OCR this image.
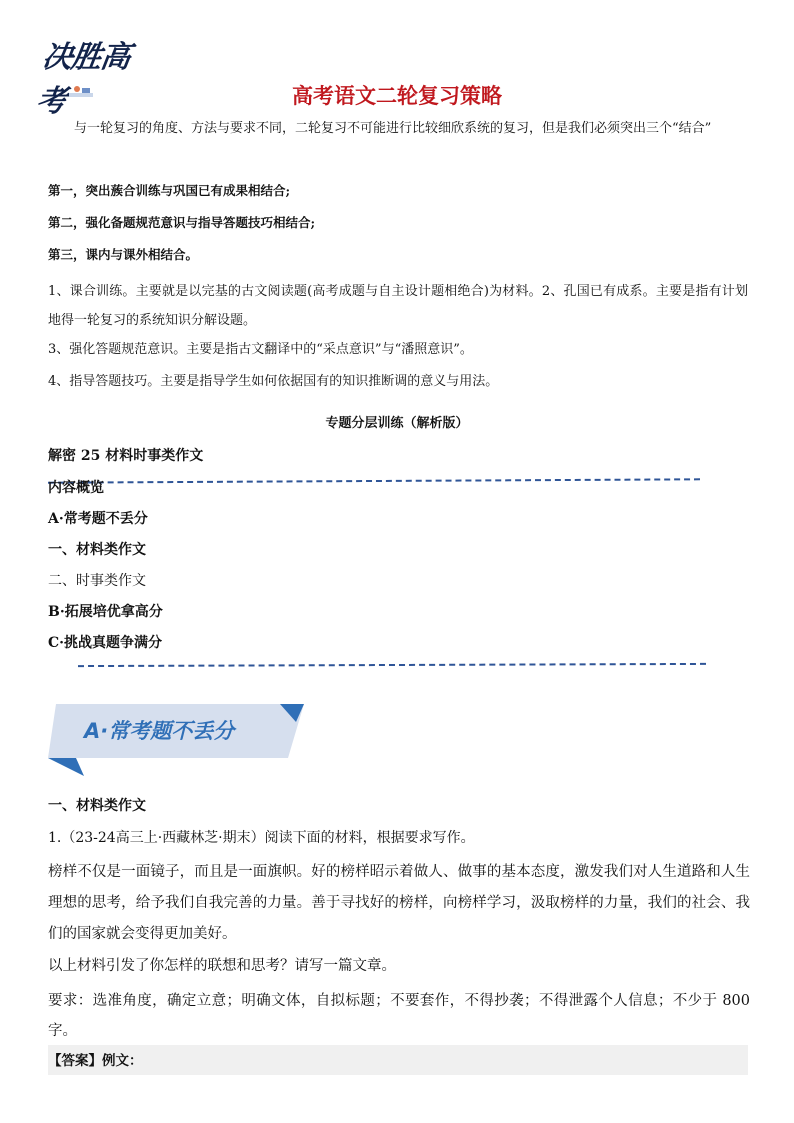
决胜高考	高考语文二轮复习策略
与一轮复习的角度、方法与要求不同，二轮复习不可能进行比较细欣系统的复习，但是我们必须突出三个“结合”
第一，突出蔟合训练与巩国已有成果相结合;
第二，强化备题规范意识与指导答题技巧相结合;
第三，课内与课外相结合。
1、课合训练。主要就是以完基的古文阅读题(高考成题与自主设计题相绝合)为材料。2、孔国已有成系。主要是指有计划地得一轮复习的系统知识分解设题。
3、强化答题规范意识。主要是指古文翻译中的“采点意识”与“潘照意识”。
4、指导答题技巧。主要是指导学生如何依据国有的知识推断调的意义与用法。
专题分层训练（解析版）
解密 25 材料时事类作文
内容概览
A·常考题不丢分
一、材料类作文
二、时事类作文
B·拓展培优拿高分
C·挑战真题争满分
A·常考题不丢分
一、材料类作文
1.（23-24高三上·西藏林芝·期末）阅读下面的材料，根据要求写作。
榜样不仅是一面镜子，而且是一面旗帜。好的榜样昭示着做人、做事的基本态度，激发我们对人生道路和人生理想的思考，给予我们自我完善的力量。善于寻找好的榜样，向榜样学习，汲取榜样的力量，我们的社会、我们的国家就会变得更加美好。
以上材料引发了你怎样的联想和思考？请写一篇文章。
要求：选准角度，确定立意；明确文体，自拟标题；不要套作，不得抄袭；不得泄露个人信息；不少于 800 字。
【答案】例文：
